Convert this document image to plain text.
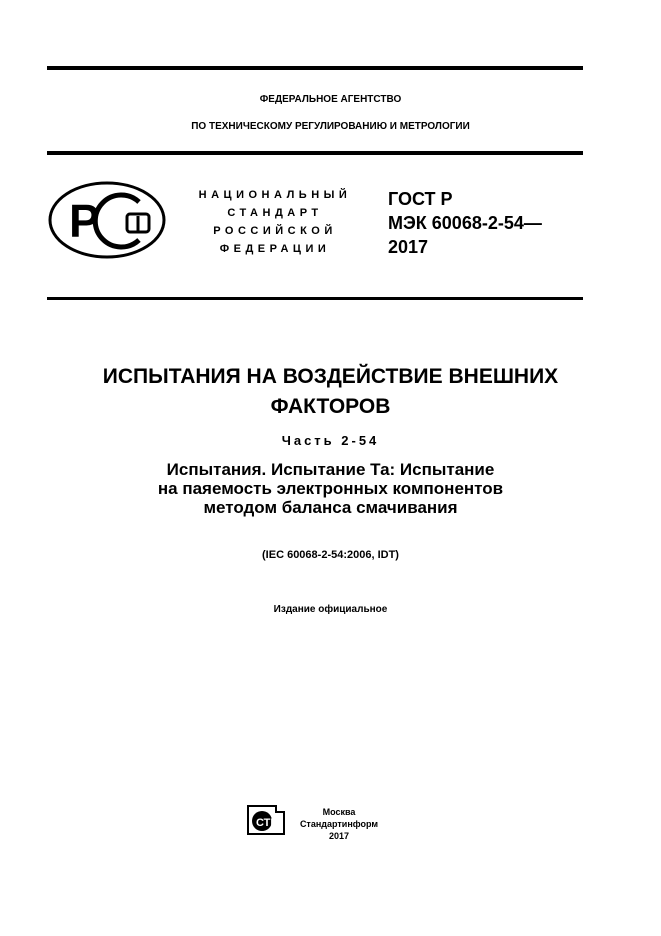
ФЕДЕРАЛЬНОЕ АГЕНТСТВО
ПО ТЕХНИЧЕСКОМУ РЕГУЛИРОВАНИЮ И МЕТРОЛОГИИ
P	НАЦИОНАЛЬНЫЙ
СТАНДАРТ
РОССИЙСКОЙ
ФЕДЕРАЦИИ
ГОСТ Р
МЭК 60068-2-54—
2017
ИСПЫТАНИЯ НА ВОЗДЕЙСТВИЕ ВНЕШНИХ
ФАКТОРОВ
Часть 2-54
Испытания. Испытание Та: Испытание
на паяемость электронных компонентов
методом баланса смачивания
(IEC 60068-2-54:2006, IDT)
Издание официальное
СТИ
Москва
Стандартинформ
2017
